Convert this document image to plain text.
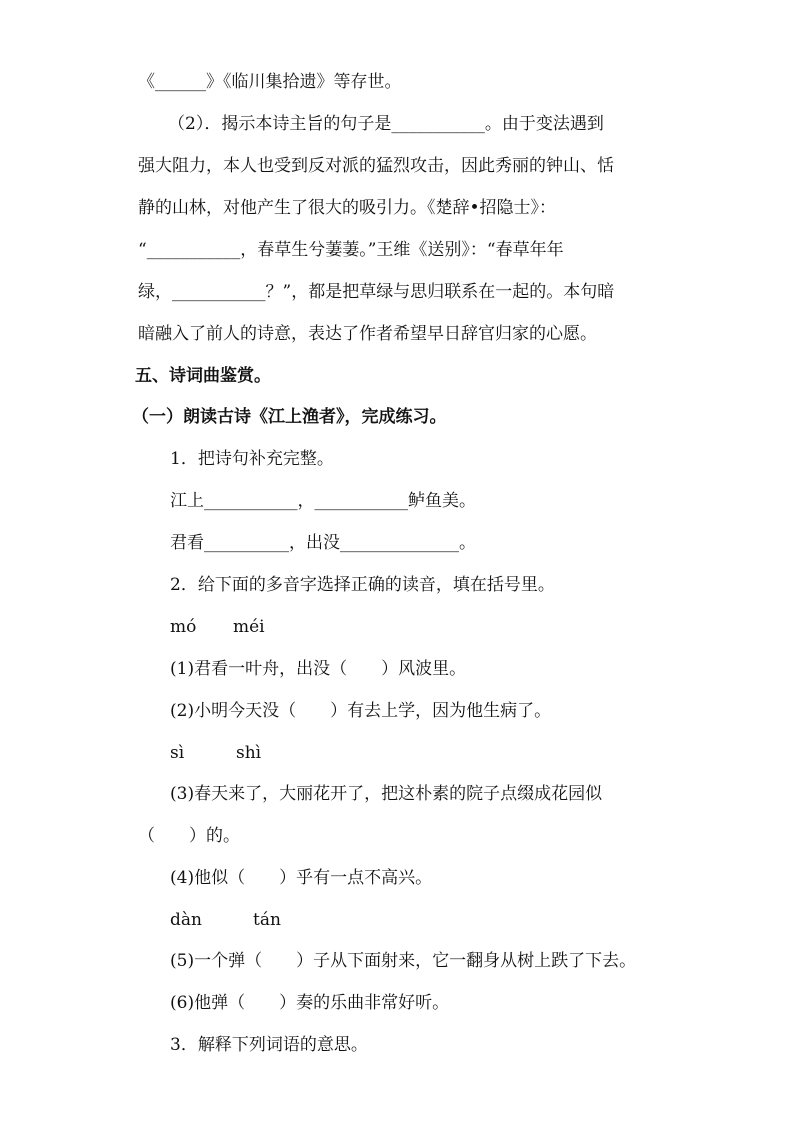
《______》《临川集拾遗》等存世。
（2）．揭示本诗主旨的句子是___________。由于变法遇到
强大阻力，本人也受到反对派的猛烈攻击，因此秀丽的钟山、恬
静的山林，对他产生了很大的吸引力。《楚辞•招隐士》：
“___________，春草生兮萋萋。”王维《送别》：“春草年年
绿，___________？”，都是把草绿与思归联系在一起的。本句暗
暗融入了前人的诗意，表达了作者希望早日辞官归家的心愿。
五、诗词曲鉴赏。
（一）朗读古诗《江上渔者》，完成练习。
1．把诗句补充完整。
江上___________，___________鲈鱼美。
君看__________，出没______________。
2．给下面的多音字选择正确的读音，填在括号里。
mó méi
(1)君看一叶舟，出没（　　）风波里。
(2)小明今天没（　　）有去上学，因为他生病了。
sì	shì
(3)春天来了，大丽花开了，把这朴素的院子点缀成花园似
（　　）的。
(4)他似（　　）乎有一点不高兴。
dàn	tán
(5)一个弹（　　）子从下面射来，它一翻身从树上跌了下去。
(6)他弹（　　）奏的乐曲非常好听。
3．解释下列词语的意思。
